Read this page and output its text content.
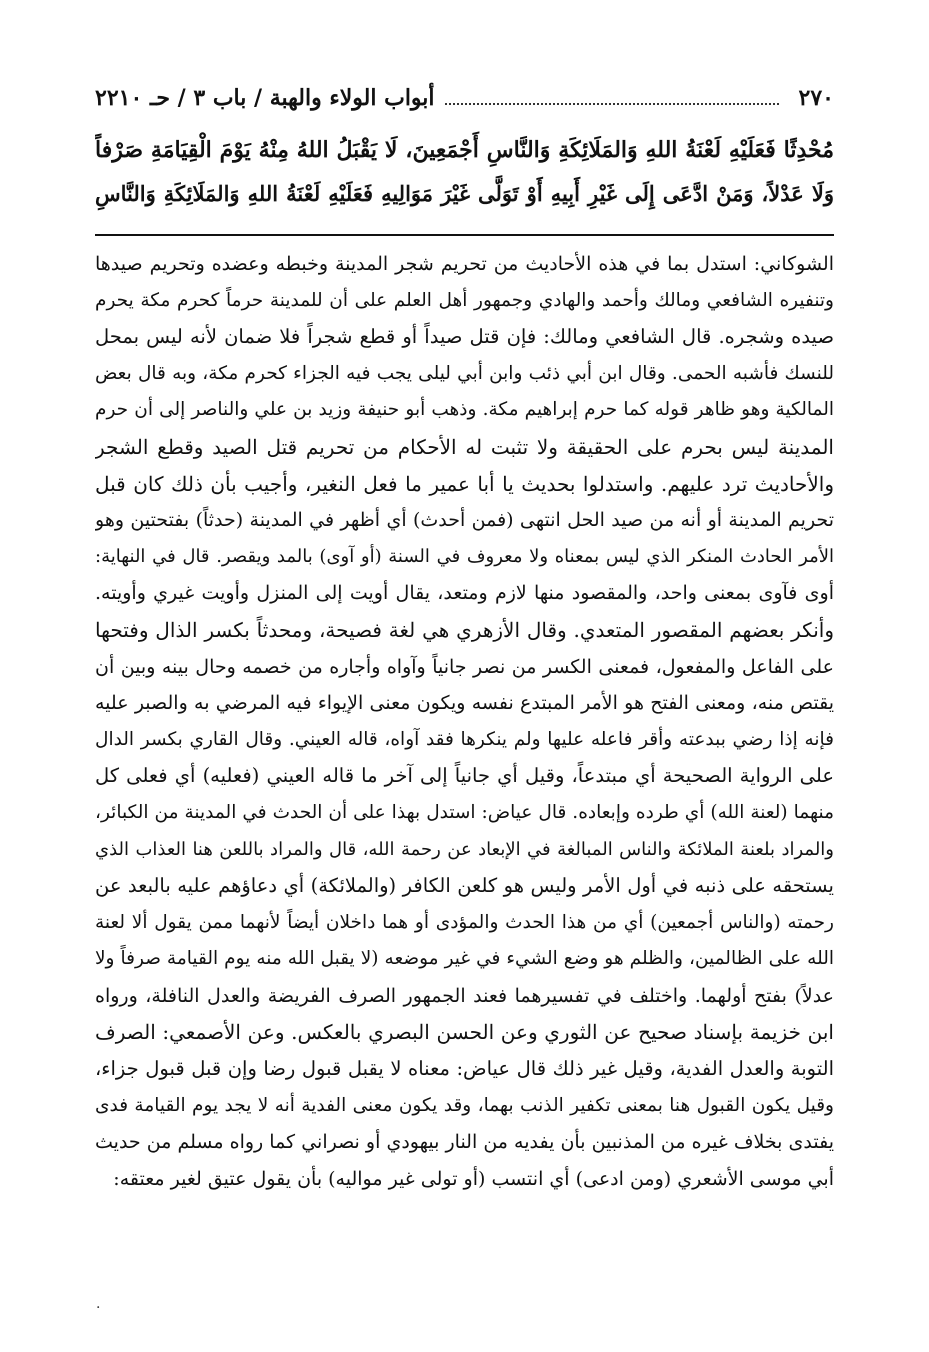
٢٧٠
أبواب الولاء والهبة / باب ٣ / حـ ٢٢١٠
مُحْدِثًا فَعَلَيْهِ لَعْنَةُ اللهِ وَالمَلَائِكَةِ وَالنَّاسِ أَجْمَعِينَ، لَا يَقْبَلُ اللهُ مِنْهُ يَوْمَ الْقِيَامَةِ صَرْفاً
وَلَا عَدْلاً، وَمَنْ ادَّعَى إِلَى غَيْرِ أَبِيهِ أَوْ تَوَلَّى غَيْرَ مَوَالِيهِ فَعَلَيْهِ لَعْنَةُ اللهِ وَالمَلَائِكَةِ وَالنَّاسِ
الشوكاني: استدل بما في هذه الأحاديث من تحريم شجر المدينة وخبطه وعضده وتحريم صيدها
وتنفيره الشافعي ومالك وأحمد والهادي وجمهور أهل العلم على أن للمدينة حرماً كحرم مكة يحرم
صيده وشجره. قال الشافعي ومالك: فإن قتل صيداً أو قطع شجراً فلا ضمان لأنه ليس بمحل
للنسك فأشبه الحمى. وقال ابن أبي ذئب وابن أبي ليلى يجب فيه الجزاء كحرم مكة، وبه قال بعض
المالكية وهو ظاهر قوله كما حرم إبراهيم مكة. وذهب أبو حنيفة وزيد بن علي والناصر إلى أن حرم
المدينة ليس بحرم على الحقيقة ولا تثبت له الأحكام من تحريم قتل الصيد وقطع الشجر
والأحاديث ترد عليهم. واستدلوا بحديث يا أبا عمير ما فعل النغير، وأجيب بأن ذلك كان قبل
تحريم المدينة أو أنه من صيد الحل انتهى (فمن أحدث) أي أظهر في المدينة (حدثاً) بفتحتين وهو
الأمر الحادث المنكر الذي ليس بمعناه ولا معروف في السنة (أو آوى) بالمد ويقصر. قال في النهاية:
أوى فآوى بمعنى واحد، والمقصود منها لازم ومتعد، يقال أويت إلى المنزل وأويت غيري وأويته.
وأنكر بعضهم المقصور المتعدي. وقال الأزهري هي لغة فصيحة، ومحدثاً بكسر الذال وفتحها
على الفاعل والمفعول، فمعنى الكسر من نصر جانياً وآواه وأجاره من خصمه وحال بينه وبين أن
يقتص منه، ومعنى الفتح هو الأمر المبتدع نفسه ويكون معنى الإيواء فيه المرضي به والصبر عليه
فإنه إذا رضي ببدعته وأقر فاعله عليها ولم ينكرها فقد آواه، قاله العيني. وقال القاري بكسر الدال
على الرواية الصحيحة أي مبتدعاً، وقيل أي جانياً إلى آخر ما قاله العيني (فعليه) أي فعلى كل
منهما (لعنة الله) أي طرده وإبعاده. قال عياض: استدل بهذا على أن الحدث في المدينة من الكبائر،
والمراد بلعنة الملائكة والناس المبالغة في الإبعاد عن رحمة الله، قال والمراد باللعن هنا العذاب الذي
يستحقه على ذنبه في أول الأمر وليس هو كلعن الكافر (والملائكة) أي دعاؤهم عليه بالبعد عن
رحمته (والناس أجمعين) أي من هذا الحدث والمؤدى أو هما داخلان أيضاً لأنهما ممن يقول ألا لعنة
الله على الظالمين، والظلم هو وضع الشيء في غير موضعه (لا يقبل الله منه يوم القيامة صرفاً ولا
عدلاً) بفتح أولهما. واختلف في تفسيرهما فعند الجمهور الصرف الفريضة والعدل النافلة، ورواه
ابن خزيمة بإسناد صحيح عن الثوري وعن الحسن البصري بالعكس. وعن الأصمعي: الصرف
التوبة والعدل الفدية، وقيل غير ذلك قال عياض: معناه لا يقبل قبول رضا وإن قبل قبول جزاء،
وقيل يكون القبول هنا بمعنى تكفير الذنب بهما، وقد يكون معنى الفدية أنه لا يجد يوم القيامة فدى
يفتدى بخلاف غيره من المذنبين بأن يفديه من النار بيهودي أو نصراني كما رواه مسلم من حديث
أبي موسى الأشعري (ومن ادعى) أي انتسب (أو تولى غير مواليه) بأن يقول عتيق لغير معتقه:
·
